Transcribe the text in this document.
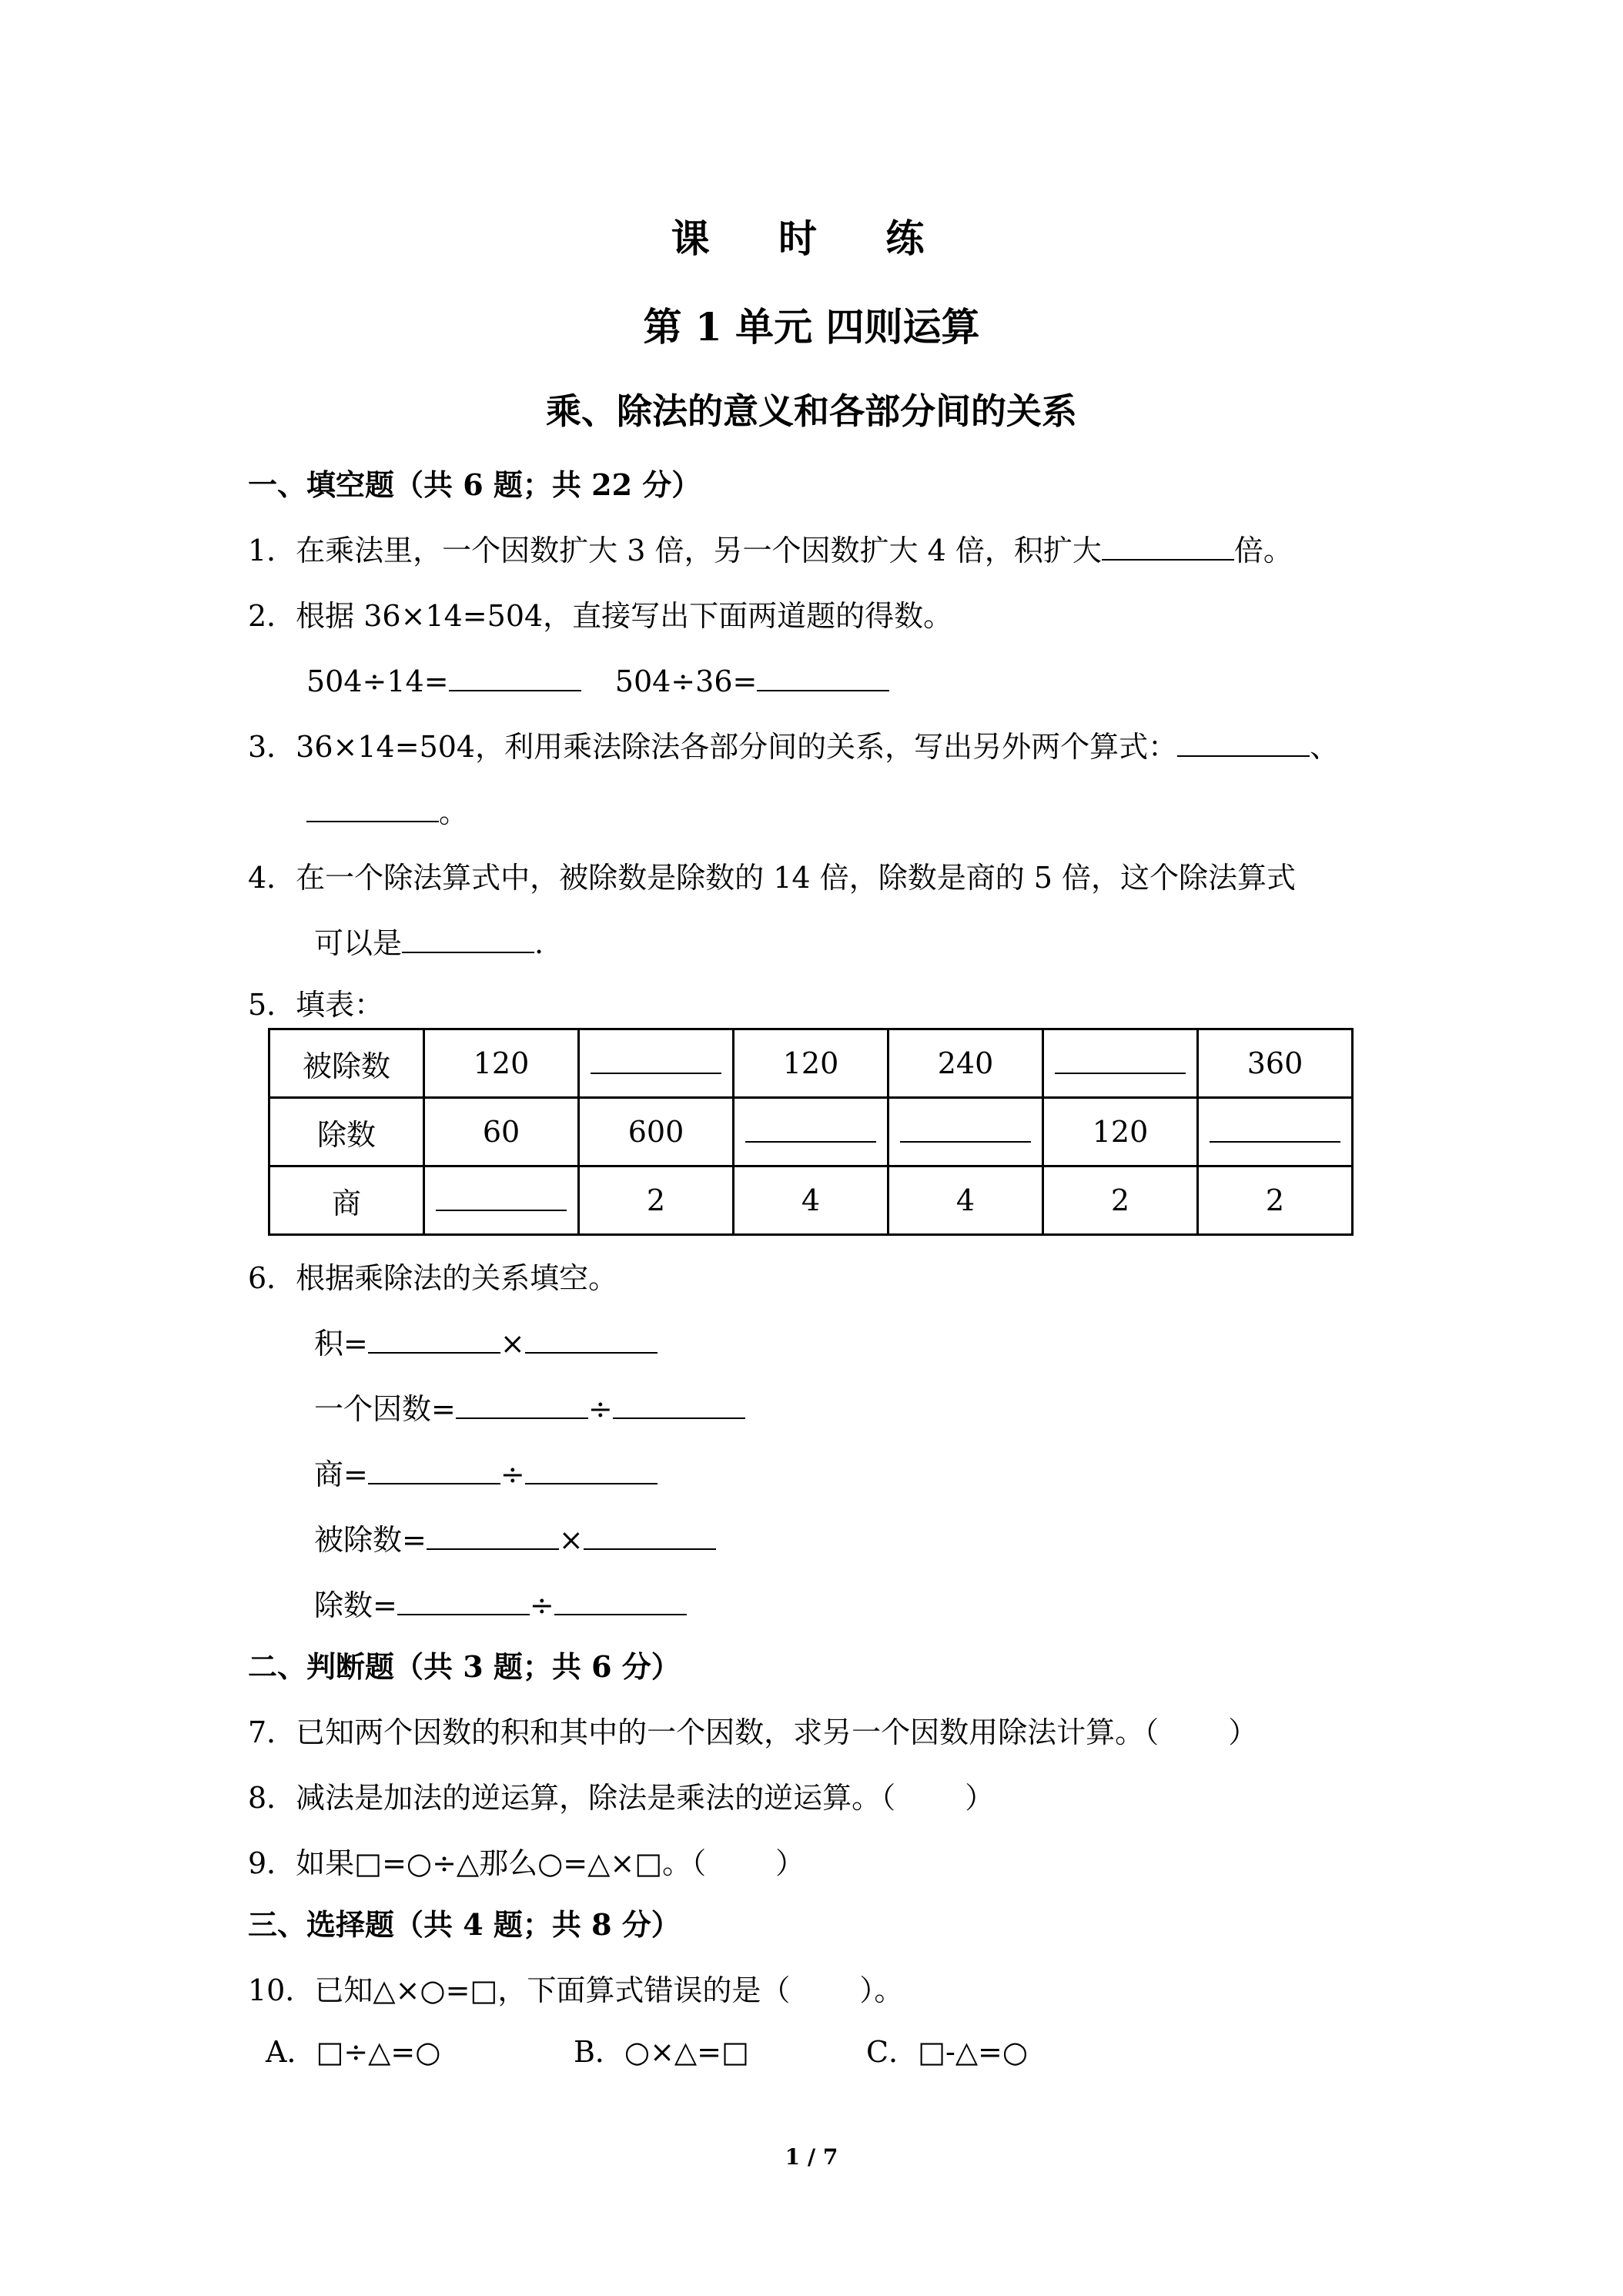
课 时 练
第 1 单元 四则运算
乘、除法的意义和各部分间的关系
一、填空题（共 6 题；共 22 分）
1．在乘法里，一个因数扩大 3 倍，另一个因数扩大 4 倍，积扩大	倍。
2．根据 36×14=504，直接写出下面两道题的得数。
504÷14=	504÷36=
3．36×14=504，利用乘法除法各部分间的关系，写出另外两个算式：	、
。
4．在一个除法算式中，被除数是除数的 14 倍，除数是商的 5 倍，这个除法算式
可以是	.
5．填表：
被除数	120		120	240		360
除数	60	600			120	
商		2	4	4	2	2
6．根据乘除法的关系填空。
积=	×
一个因数=	÷
商=	÷
被除数=	×
除数=	÷
二、判断题（共 3 题；共 6 分）
7．已知两个因数的积和其中的一个因数，求另一个因数用除法计算。（ ）
8．减法是加法的逆运算，除法是乘法的逆运算。（ ）
9．如果□=○÷△那么○=△×□。（ ）
三、选择题（共 4 题；共 8 分）
10．已知△×○=□，下面算式错误的是（ ）。
A．□÷△=○	B．○×△=□	C．□-△=○
1 / 7
